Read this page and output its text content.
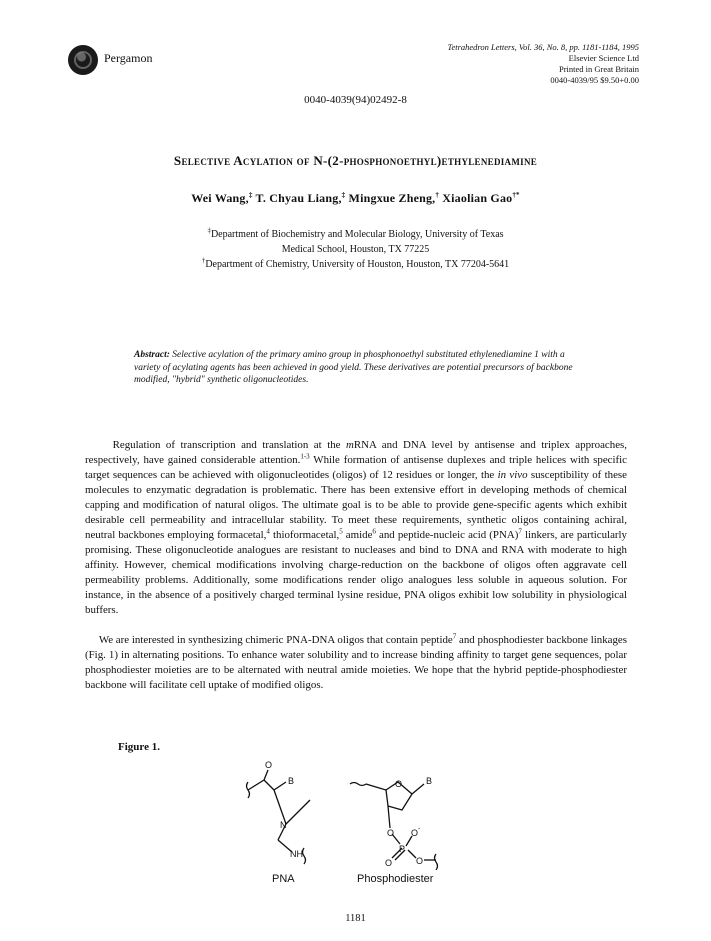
Pergamon
Tetrahedron Letters, Vol. 36, No. 8, pp. 1181-1184, 1995
Elsevier Science Ltd
Printed in Great Britain
0040-4039/95 $9.50+0.00
0040-4039(94)02492-8
Selective Acylation of N-(2-phosphonoethyl)ethylenediamine
Wei Wang,‡ T. Chyau Liang,‡ Mingxue Zheng,† Xiaolian Gao†*
‡Department of Biochemistry and Molecular Biology, University of Texas
Medical School, Houston, TX 77225
†Department of Chemistry, University of Houston, Houston, TX 77204-5641
Abstract: Selective acylation of the primary amino group in phosphonoethyl substituted ethylenediamine 1 with a variety of acylating agents has been achieved in good yield. These derivatives are potential precursors of backbone modified, "hybrid" synthetic oligonucleotides.
Regulation of transcription and translation at the mRNA and DNA level by antisense and triplex approaches, respectively, have gained considerable attention.$^{1-3}$ While formation of antisense duplexes and triple helices with specific target sequences can be achieved with oligonucleotides (oligos) of 12 residues or longer, the in vivo susceptibility of these molecules to enzymatic degradation is problematic. There has been extensive effort in developing methods of chemical capping and modification of natural oligos. The ultimate goal is to be able to provide gene-specific agents which exhibit desirable cell permeability and intracellular stability. To meet these requirements, synthetic oligos containing achiral, neutral backbones employing formacetal,$^4$ thioformacetal,$^5$ amide$^6$ and peptide-nucleic acid (PNA)$^7$ linkers, are particularly promising. These oligonucleotide analogues are resistant to nucleases and bind to DNA and RNA with moderate to high affinity. However, chemical modifications involving charge-reduction on the backbone of oligos often aggravate cell permeability problems. Additionally, some modifications render oligo analogues less soluble in aqueous solution. For instance, in the absence of a positively charged terminal lysine residue, PNA oligos exhibit low solubility in physiological buffers.
We are interested in synthesizing chimeric PNA-DNA oligos that contain peptide$^7$ and phosphodiester backbone linkages (Fig. 1) in alternating positions. To enhance water solubility and to increase binding affinity to target gene sequences, polar phosphodiester moieties are to be alternated with neutral amide moieties. We hope that the hybrid peptide-phosphodiester backbone will facilitate cell uptake of modified oligos.
Figure 1.
O
B
N
NH
O	B
O
P
O -
O	O
PNA	Phosphodiester
1181
